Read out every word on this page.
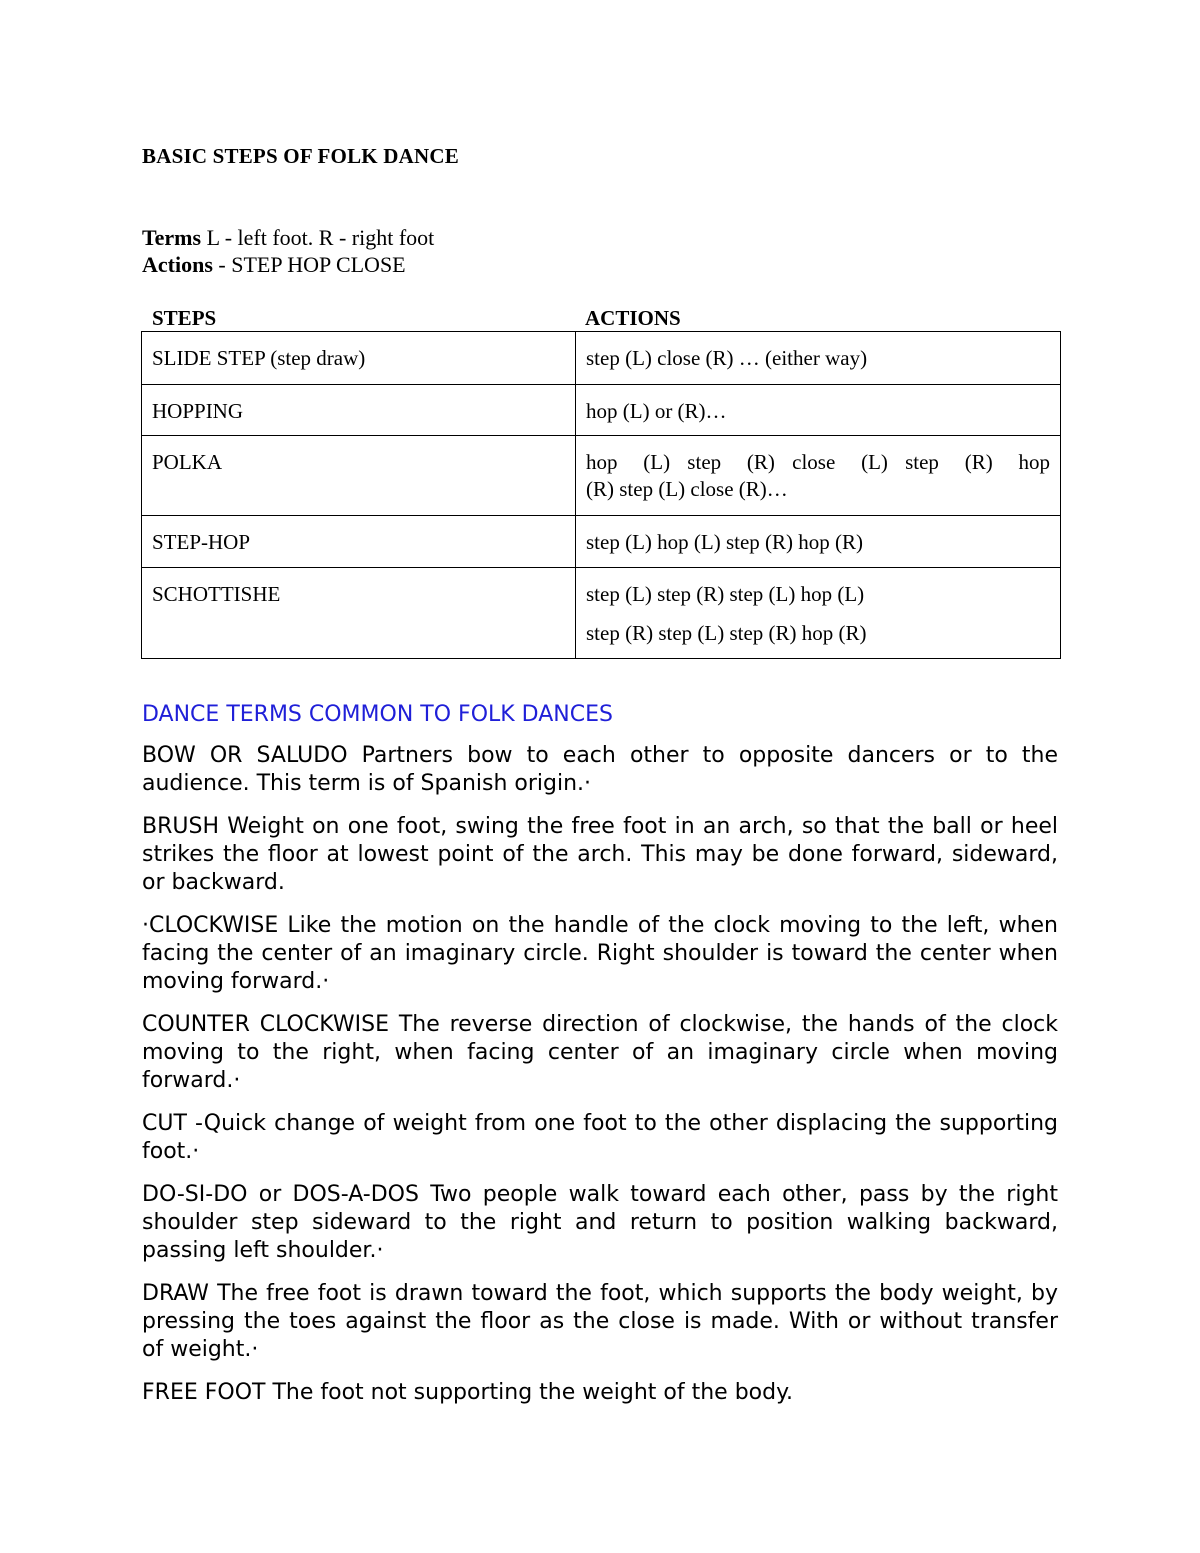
BASIC STEPS OF FOLK DANCE
Terms L - left foot. R - right foot
Actions - STEP HOP CLOSE
STEPS	ACTIONS
SLIDE STEP (step draw)	step (L) close (R) … (either way)
HOPPING	hop (L) or (R)…
POLKA	hop   (L)  step   (R)  close   (L)  step   (R)   hop
(R) step (L) close (R)…

STEP-HOP	step (L) hop (L) step (R) hop (R)
SCHOTTISHE	step (L) step (R) step (L) hop (L)
step (R) step (L) step (R) hop (R)
DANCE TERMS COMMON TO FOLK DANCES

BOW OR SALUDO Partners bow to each other to opposite dancers or to the audience. This term is of Spanish origin.·

BRUSH Weight on one foot, swing the free foot in an arch, so that the ball or heel strikes the floor at lowest point of the arch. This may be done forward, sideward, or backward.

·CLOCKWISE Like the motion on the handle of the clock moving to the left, when facing the center of an imaginary circle. Right shoulder is toward the center when moving forward.·

COUNTER CLOCKWISE The reverse direction of clockwise, the hands of the clock moving to the right, when facing center of an imaginary circle when moving forward.·

CUT -Quick change of weight from one foot to the other displacing the supporting foot.·

DO-SI-DO or DOS-A-DOS Two people walk toward each other, pass by the right shoulder step sideward to the right and return to position walking backward, passing left shoulder.·

DRAW The free foot is drawn toward the foot, which supports the body weight, by pressing the toes against the floor as the close is made. With or without transfer of weight.·

FREE FOOT The foot not supporting the weight of the body.
